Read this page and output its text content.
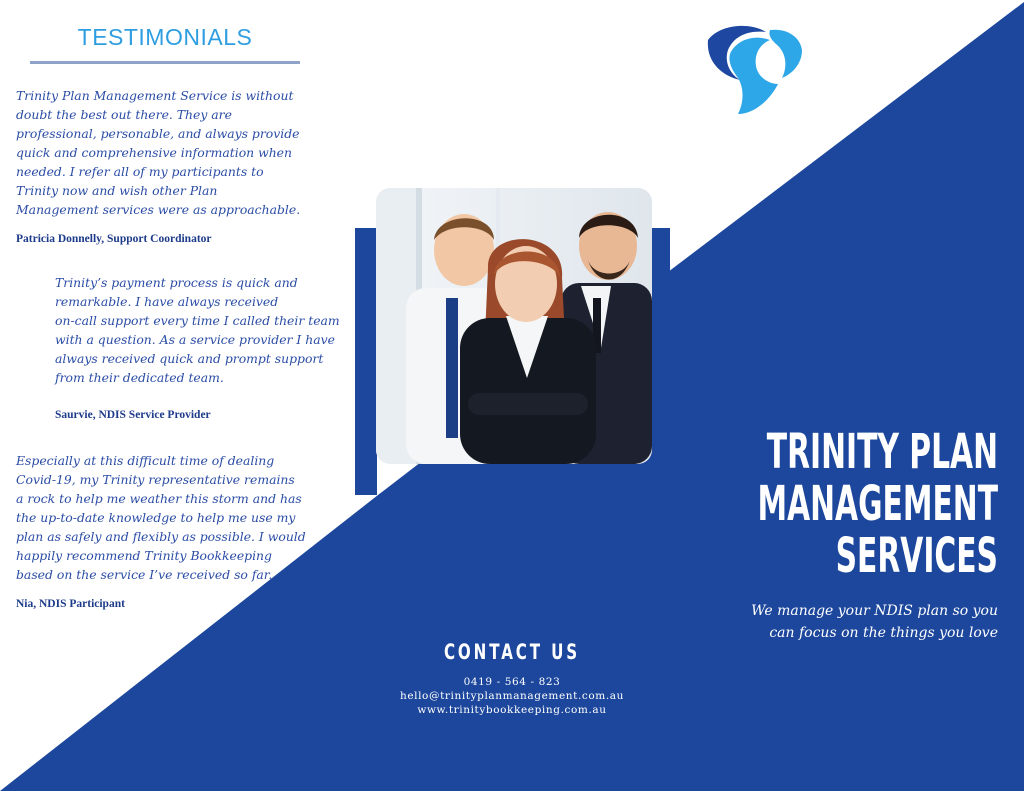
TESTIMONIALS
Trinity Plan Management Service is without
doubt the best out there. They are
professional, personable, and always provide
quick and comprehensive information when
needed. I refer all of my participants to
Trinity now and wish other Plan
Management services were as approachable.
Patricia Donnelly, Support Coordinator
Trinity’s payment process is quick and
remarkable. I have always received
on-call support every time I called their team
with a question. As a service provider I have
always received quick and prompt support
from their dedicated team.
Saurvie, NDIS Service Provider
Especially at this difficult time of dealing
Covid-19, my Trinity representative remains
a rock to help me weather this storm and has
the up-to-date knowledge to help me use my
plan as safely and flexibly as possible. I would
happily recommend Trinity Bookkeeping
based on the service I’ve received so far.
Nia, NDIS Participant
TRINITY PLAN
MANAGEMENT
SERVICES
We manage your NDIS plan so you
can focus on the things you love
CONTACT US
0419 - 564 - 823
hello@trinityplanmanagement.com.au
www.trinitybookkeeping.com.au
